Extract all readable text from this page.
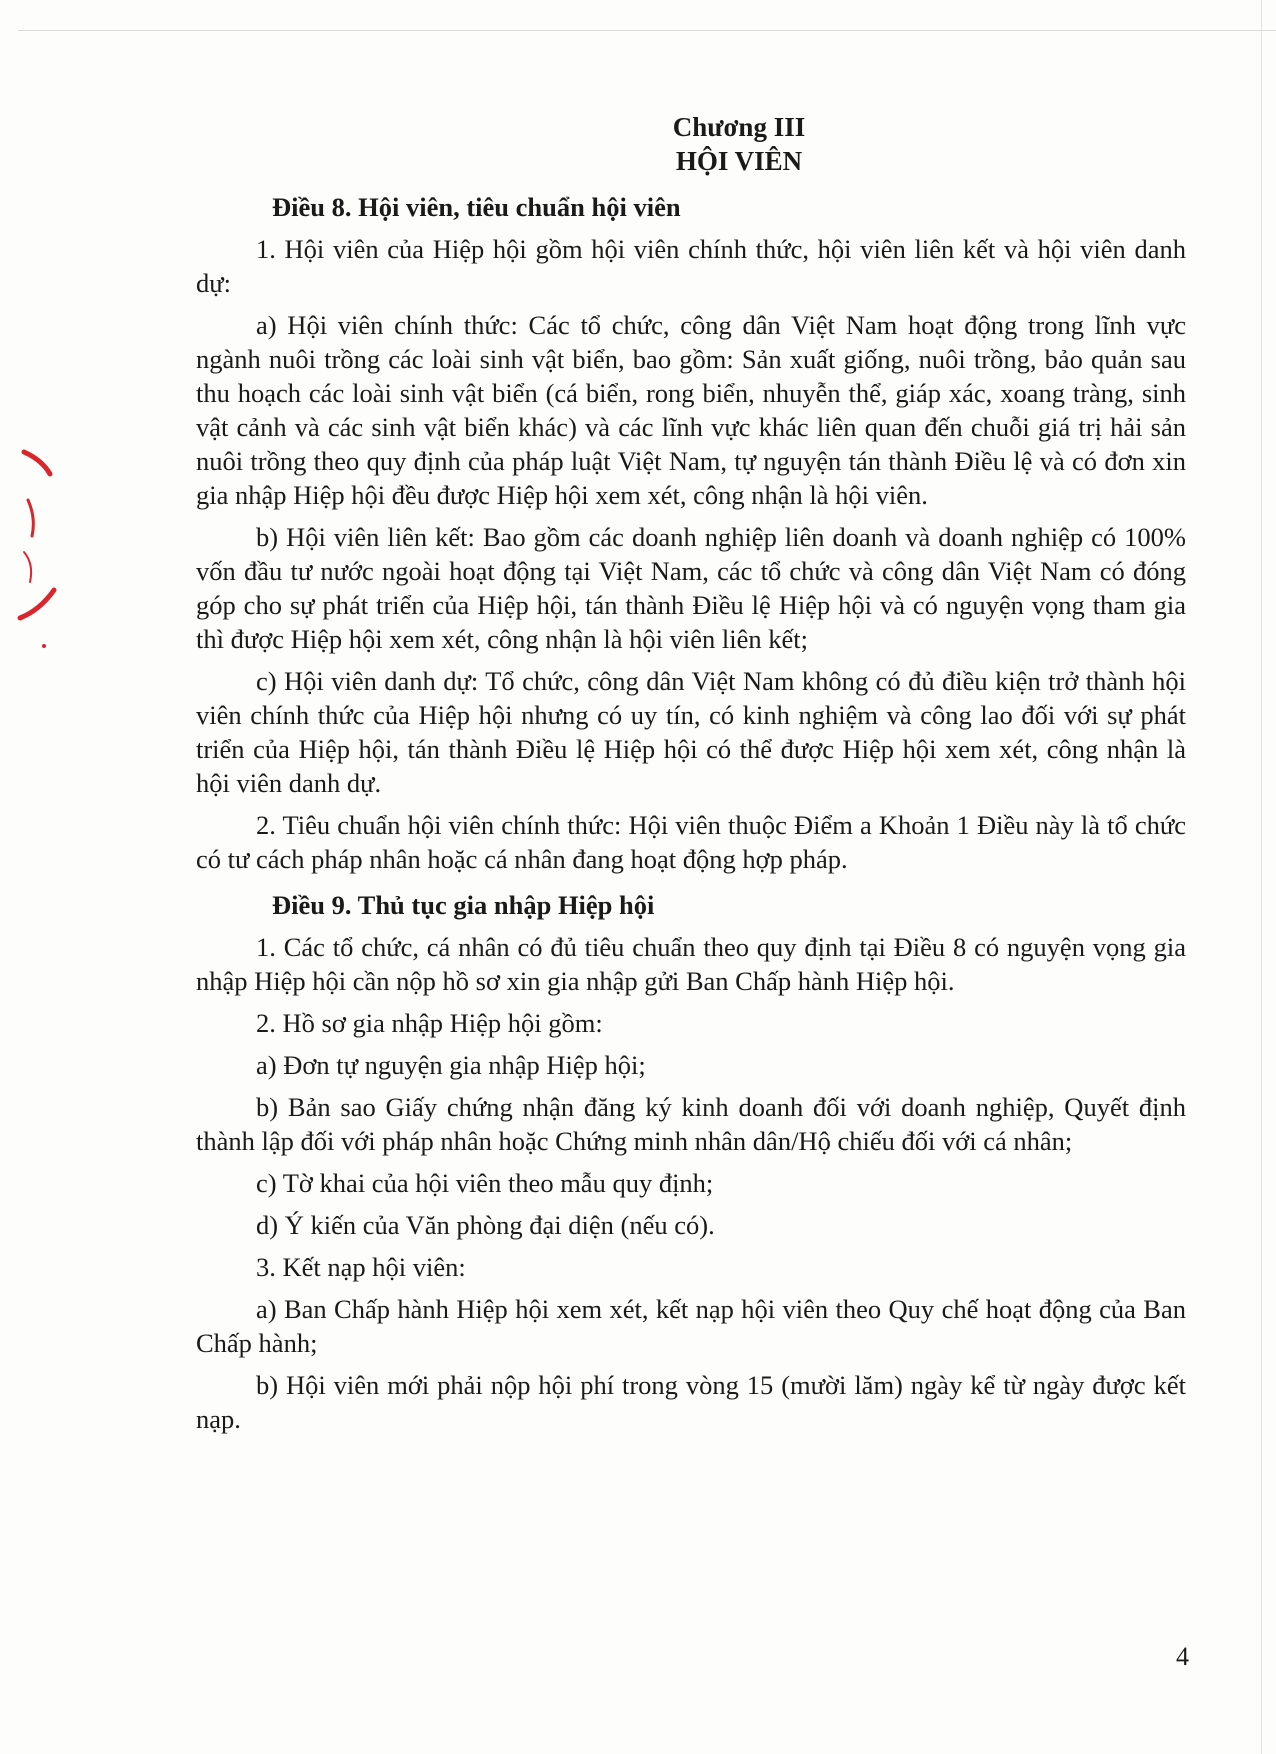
Chương III
HỘI VIÊN
Điều 8. Hội viên, tiêu chuẩn hội viên

1. Hội viên của Hiệp hội gồm hội viên chính thức, hội viên liên kết và hội viên danh dự:

a) Hội viên chính thức: Các tổ chức, công dân Việt Nam hoạt động trong lĩnh vực ngành nuôi trồng các loài sinh vật biển, bao gồm: Sản xuất giống, nuôi trồng, bảo quản sau thu hoạch các loài sinh vật biển (cá biển, rong biển, nhuyễn thể, giáp xác, xoang tràng, sinh vật cảnh và các sinh vật biển khác) và các lĩnh vực khác liên quan đến chuỗi giá trị hải sản nuôi trồng theo quy định của pháp luật Việt Nam, tự nguyện tán thành Điều lệ và có đơn xin gia nhập Hiệp hội đều được Hiệp hội xem xét, công nhận là hội viên.

b) Hội viên liên kết: Bao gồm các doanh nghiệp liên doanh và doanh nghiệp có 100% vốn đầu tư nước ngoài hoạt động tại Việt Nam, các tổ chức và công dân Việt Nam có đóng góp cho sự phát triển của Hiệp hội, tán thành Điều lệ Hiệp hội và có nguyện vọng tham gia thì được Hiệp hội xem xét, công nhận là hội viên liên kết;

c) Hội viên danh dự: Tổ chức, công dân Việt Nam không có đủ điều kiện trở thành hội viên chính thức của Hiệp hội nhưng có uy tín, có kinh nghiệm và công lao đối với sự phát triển của Hiệp hội, tán thành Điều lệ Hiệp hội có thể được Hiệp hội xem xét, công nhận là hội viên danh dự.

2. Tiêu chuẩn hội viên chính thức: Hội viên thuộc Điểm a Khoản 1 Điều này là tổ chức có tư cách pháp nhân hoặc cá nhân đang hoạt động hợp pháp.

Điều 9. Thủ tục gia nhập Hiệp hội

1. Các tổ chức, cá nhân có đủ tiêu chuẩn theo quy định tại Điều 8 có nguyện vọng gia nhập Hiệp hội cần nộp hồ sơ xin gia nhập gửi Ban Chấp hành Hiệp hội.

2. Hồ sơ gia nhập Hiệp hội gồm:

a) Đơn tự nguyện gia nhập Hiệp hội;

b) Bản sao Giấy chứng nhận đăng ký kinh doanh đối với doanh nghiệp, Quyết định thành lập đối với pháp nhân hoặc Chứng minh nhân dân/Hộ chiếu đối với cá nhân;

c) Tờ khai của hội viên theo mẫu quy định;

d) Ý kiến của Văn phòng đại diện (nếu có).

3. Kết nạp hội viên:

a) Ban Chấp hành Hiệp hội xem xét, kết nạp hội viên theo Quy chế hoạt động của Ban Chấp hành;

b) Hội viên mới phải nộp hội phí trong vòng 15 (mười lăm) ngày kể từ ngày được kết nạp.

4
